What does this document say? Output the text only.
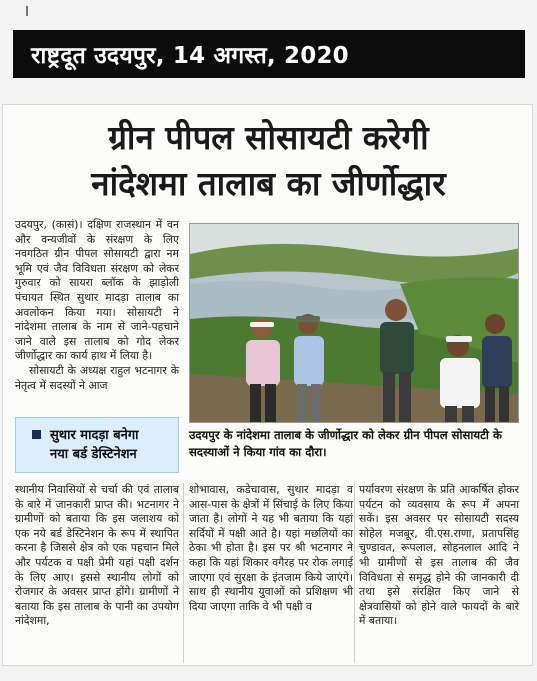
राष्ट्रदूत उदयपुर, 14 अगस्त, 2020
ग्रीन पीपल सोसायटी करेगी
नांदेशमा तालाब का जीर्णोद्धार

उदयपुर, (कासं)। दक्षिण राजस्थान में वन और वन्यजीवों के संरक्षण के लिए नवगठित ग्रीन पीपल सोसायटी द्वारा नम भूमि एवं जैव विविधता संरक्षण को लेकर गुरुवार को सायरा ब्लॉक के झाड़ोली पंचायत स्थित सुथार मादड़ा तालाब का अवलोकन किया गया। सोसायटी ने नांदेशमा तालाब के नाम से जाने-पहचाने जाने वाले इस तालाब को गोद लेकर जीर्णोद्धार का कार्य हाथ में लिया है।

सोसायटी के अध्यक्ष राहुल भटनागर के नेतृत्व में सदस्यों ने आज

सुथार मादड़ा बनेगा
नया बर्ड डेस्टिनेशन
उदयपुर के नांदेशमा तालाब के जीर्णोद्धार को लेकर ग्रीन पीपल सोसायटी के सदस्याओं ने किया गांव का दौरा।
स्थानीय निवासियों से चर्चा की एवं तालाब के बारे में जानकारी प्राप्त की। भटनागर ने ग्रामीणों को बताया कि इस जलाशय को एक नये बर्ड डेस्टिनेशन के रूप में स्थापित करना है जिससे क्षेत्र को एक पहचान मिले और पर्यटक व पक्षी प्रेमी यहां पक्षी दर्शन के लिए आए। इससे स्थानीय लोगों को रोजगार के अवसर प्राप्त होंगे। ग्रामीणों ने बताया कि इस तालाब के पानी का उपयोग नांदेशमा,
शोभावास, कडेचावास, सुथार मादड़ा व आस-पास के क्षेत्रों में सिंचाई के लिए किया जाता है। लोगों ने यह भी बताया कि यहां सर्दियों में पक्षी आते है। यहां मछलियों का ठेका भी होता है। इस पर श्री भटनागर ने कहा कि यहां शिकार वगैरह पर रोक लगाई जाएगा एवं सुरक्षा के इंतजाम किये जाएंगे। साथ ही स्थानीय युवाओं को प्रशिक्षण भी दिया जाएगा ताकि वे भी पक्षी व
पर्यावरण संरक्षण के प्रति आकर्षित होकर पर्यटन को व्यवसाय के रूप में अपना सकें। इस अवसर पर सोसायटी सदस्य सोहेल मजबूर, वी.एस.राणा, प्रतापसिंह चुण्डावत, रूपलाल, सोहनलाल आदि ने भी ग्रामीणों से इस तालाब की जैव विविधता से समृद्ध होने की जानकारी दी तथा इसे संरक्षित किए जाने से क्षेत्रवासियों को होने वाले फायदों के बारे में बताया।
